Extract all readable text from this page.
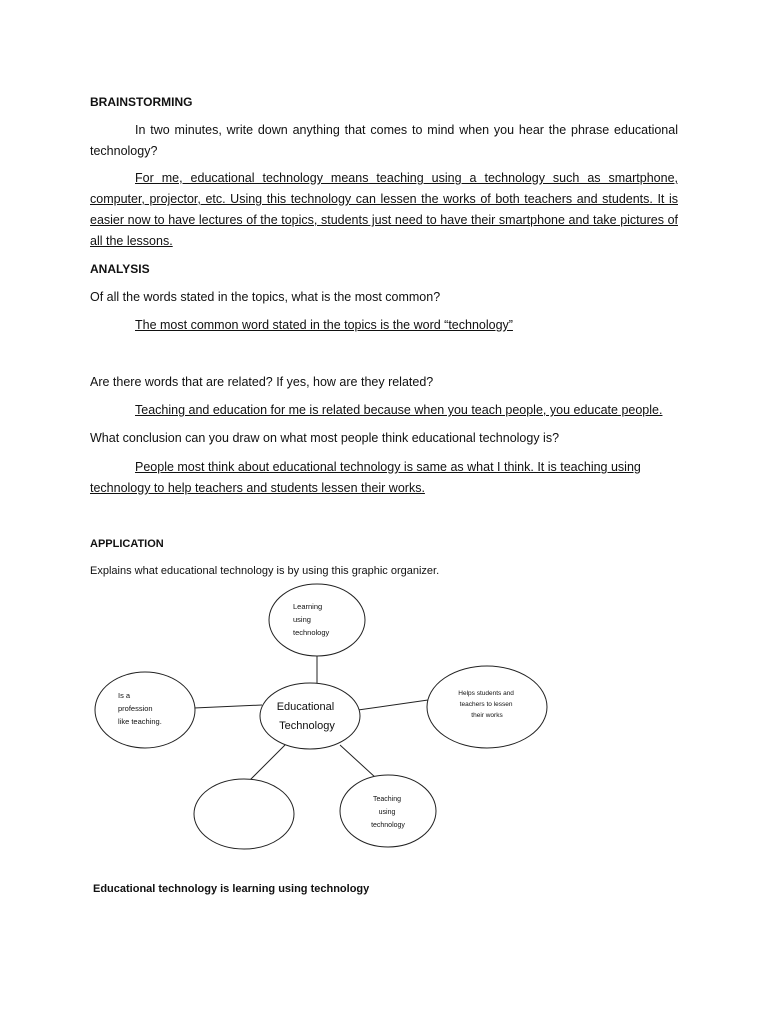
BRAINSTORMING
In two minutes, write down anything that comes to mind when you hear the phrase educational technology?
For me, educational technology means teaching using a technology such as smartphone, computer, projector, etc. Using this technology can lessen the works of both teachers and students. It is easier now to have lectures of the topics, students just need to have their smartphone and take pictures of all the lessons.
ANALYSIS
Of all the words stated in the topics, what is the most common?
The most common word stated in the topics is the word “technology”
Are there words that are related? If yes, how are they related?
Teaching and education for me is related because when you teach people, you educate people.
What conclusion can you draw on what most people think educational technology is?
People most think about educational technology is same as what I think. It is teaching using technology to help teachers and students lessen their works.
APPLICATION
Explains what educational technology is by using this graphic organizer.
Learning using technology
Is a profession like teaching.
Educational Technology
Helps students and teachers to lessen their works
Teaching using technology
Educational technology is learning using technology
